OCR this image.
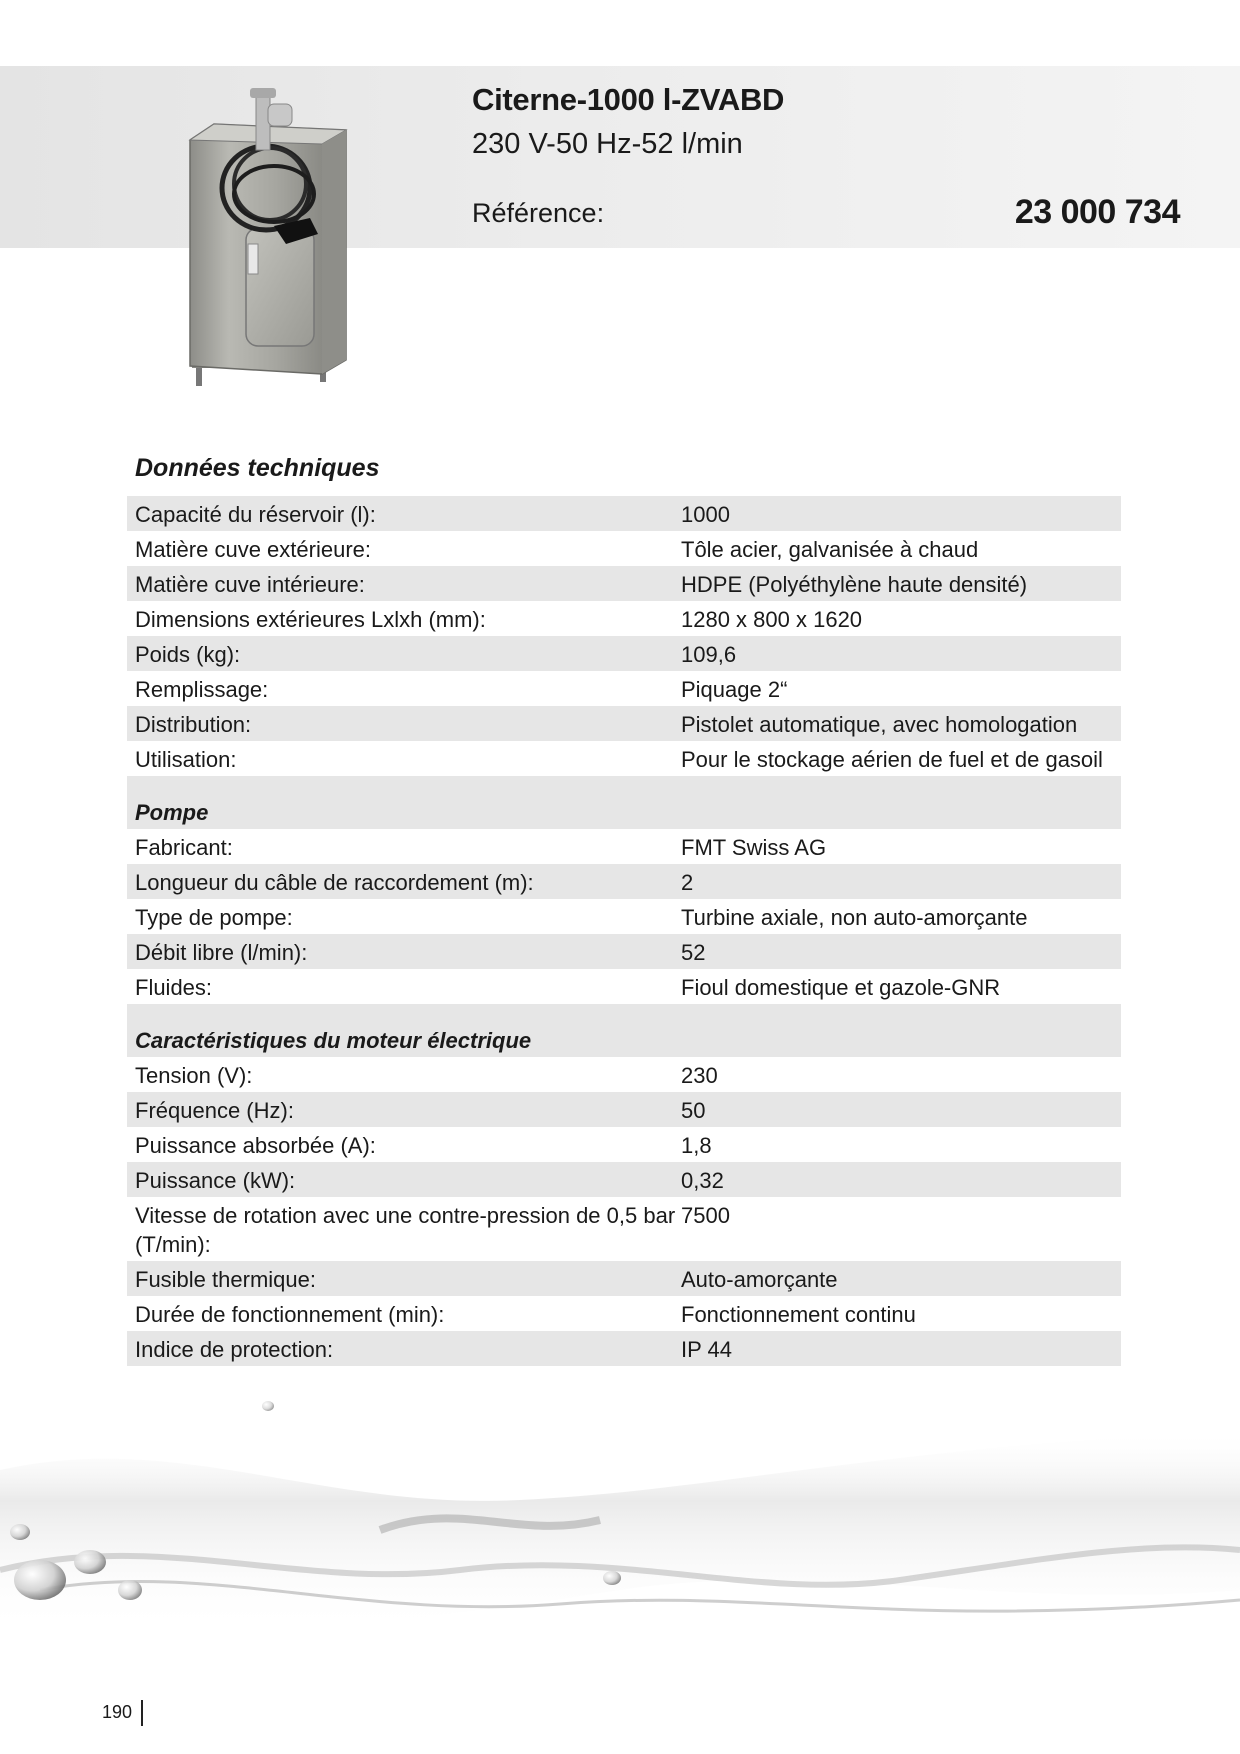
Citerne-1000 l-ZVABD
230 V-50 Hz-52 l/min
Référence:	23 000 734
Données techniques
Capacité du réservoir (l):	1000
Matière cuve extérieure:	Tôle acier, galvanisée à chaud
Matière cuve intérieure:	HDPE (Polyéthylène haute densité)
Dimensions extérieures Lxlxh (mm):	1280 x 800 x 1620
Poids (kg):	109,6
Remplissage:	Piquage 2“
Distribution:	Pistolet automatique, avec homologation
Utilisation:	Pour le stockage aérien de fuel et de gasoil
Pompe
Fabricant:	FMT Swiss AG
Longueur du câble de raccordement (m):	2
Type de pompe:	Turbine axiale, non auto-amorçante
Débit libre (l/min):	52
Fluides:	Fioul domestique et gazole-GNR
Caractéristiques du moteur électrique
Tension (V):	230
Fréquence (Hz):	50
Puissance absorbée (A):	1,8
Puissance (kW):	0,32
Vitesse de rotation avec une contre-pression de 0,5 bar (T/min):
7500
Fusible thermique:	Auto-amorçante
Durée de fonctionnement (min):	Fonctionnement continu
Indice de protection:	IP 44
190
